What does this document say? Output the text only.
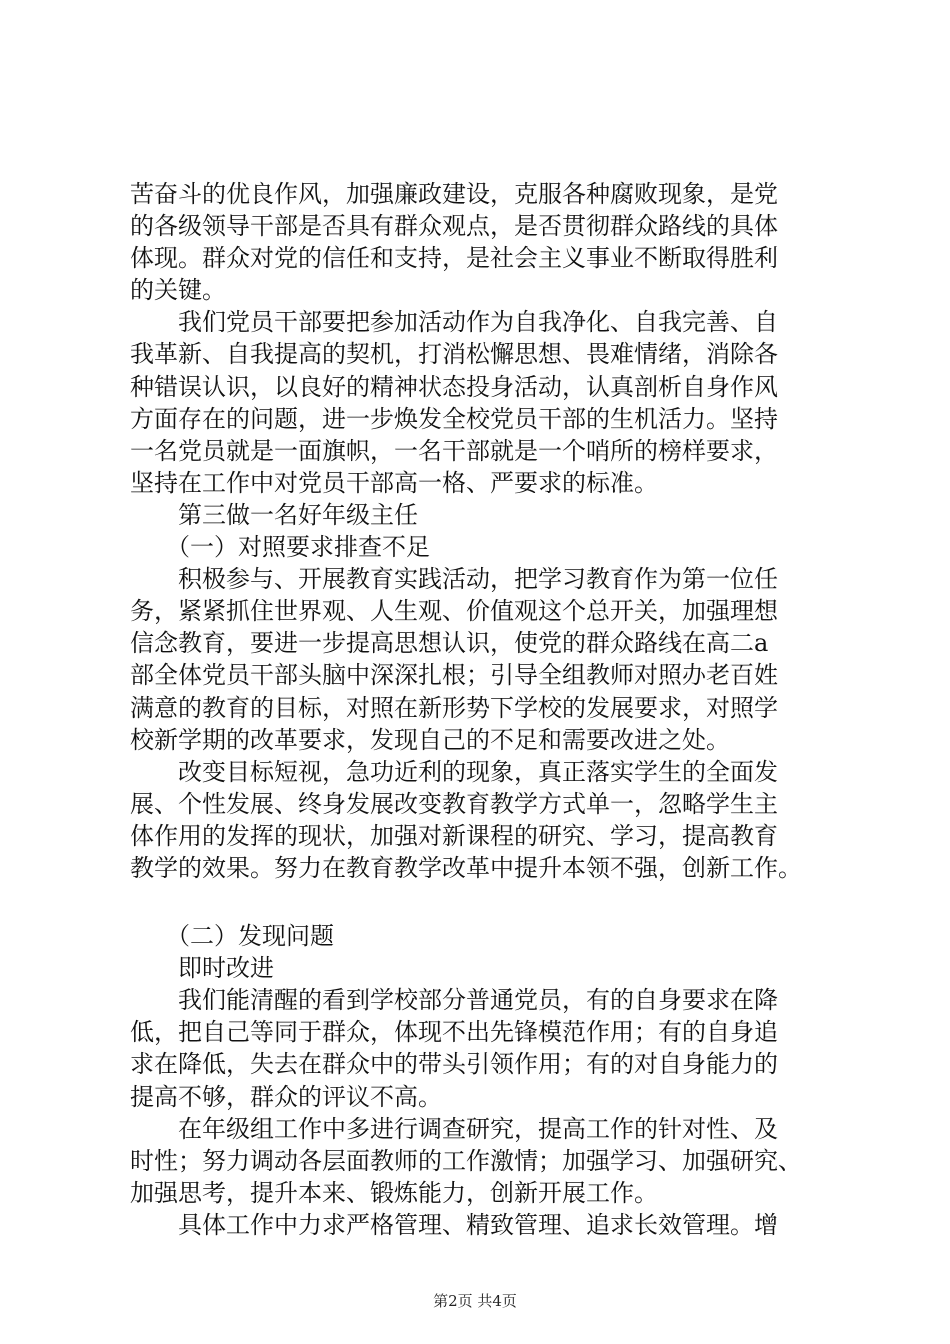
苦奋斗的优良作风，加强廉政建设，克服各种腐败现象，是党
的各级领导干部是否具有群众观点，是否贯彻群众路线的具体
体现。群众对党的信任和支持，是社会主义事业不断取得胜利
的关键。
我们党员干部要把参加活动作为自我净化、自我完善、自
我革新、自我提高的契机，打消松懈思想、畏难情绪，消除各
种错误认识，以良好的精神状态投身活动，认真剖析自身作风
方面存在的问题，进一步焕发全校党员干部的生机活力。坚持
一名党员就是一面旗帜，一名干部就是一个哨所的榜样要求，
坚持在工作中对党员干部高一格、严要求的标准。
第三做一名好年级主任
（一）对照要求排查不足
积极参与、开展教育实践活动，把学习教育作为第一位任
务，紧紧抓住世界观、人生观、价值观这个总开关，加强理想
信念教育，要进一步提高思想认识，使党的群众路线在高二a
部全体党员干部头脑中深深扎根；引导全组教师对照办老百姓
满意的教育的目标，对照在新形势下学校的发展要求，对照学
校新学期的改革要求，发现自己的不足和需要改进之处。
改变目标短视，急功近利的现象，真正落实学生的全面发
展、个性发展、终身发展改变教育教学方式单一，忽略学生主
体作用的发挥的现状，加强对新课程的研究、学习，提高教育
教学的效果。努力在教育教学改革中提升本领不强，创新工作。
（二）发现问题
即时改进
我们能清醒的看到学校部分普通党员，有的自身要求在降
低，把自己等同于群众，体现不出先锋模范作用；有的自身追
求在降低，失去在群众中的带头引领作用；有的对自身能力的
提高不够，群众的评议不高。
在年级组工作中多进行调查研究，提高工作的针对性、及
时性；努力调动各层面教师的工作激情；加强学习、加强研究、
加强思考，提升本来、锻炼能力，创新开展工作。
具体工作中力求严格管理、精致管理、追求长效管理。增
第2页 共4页
